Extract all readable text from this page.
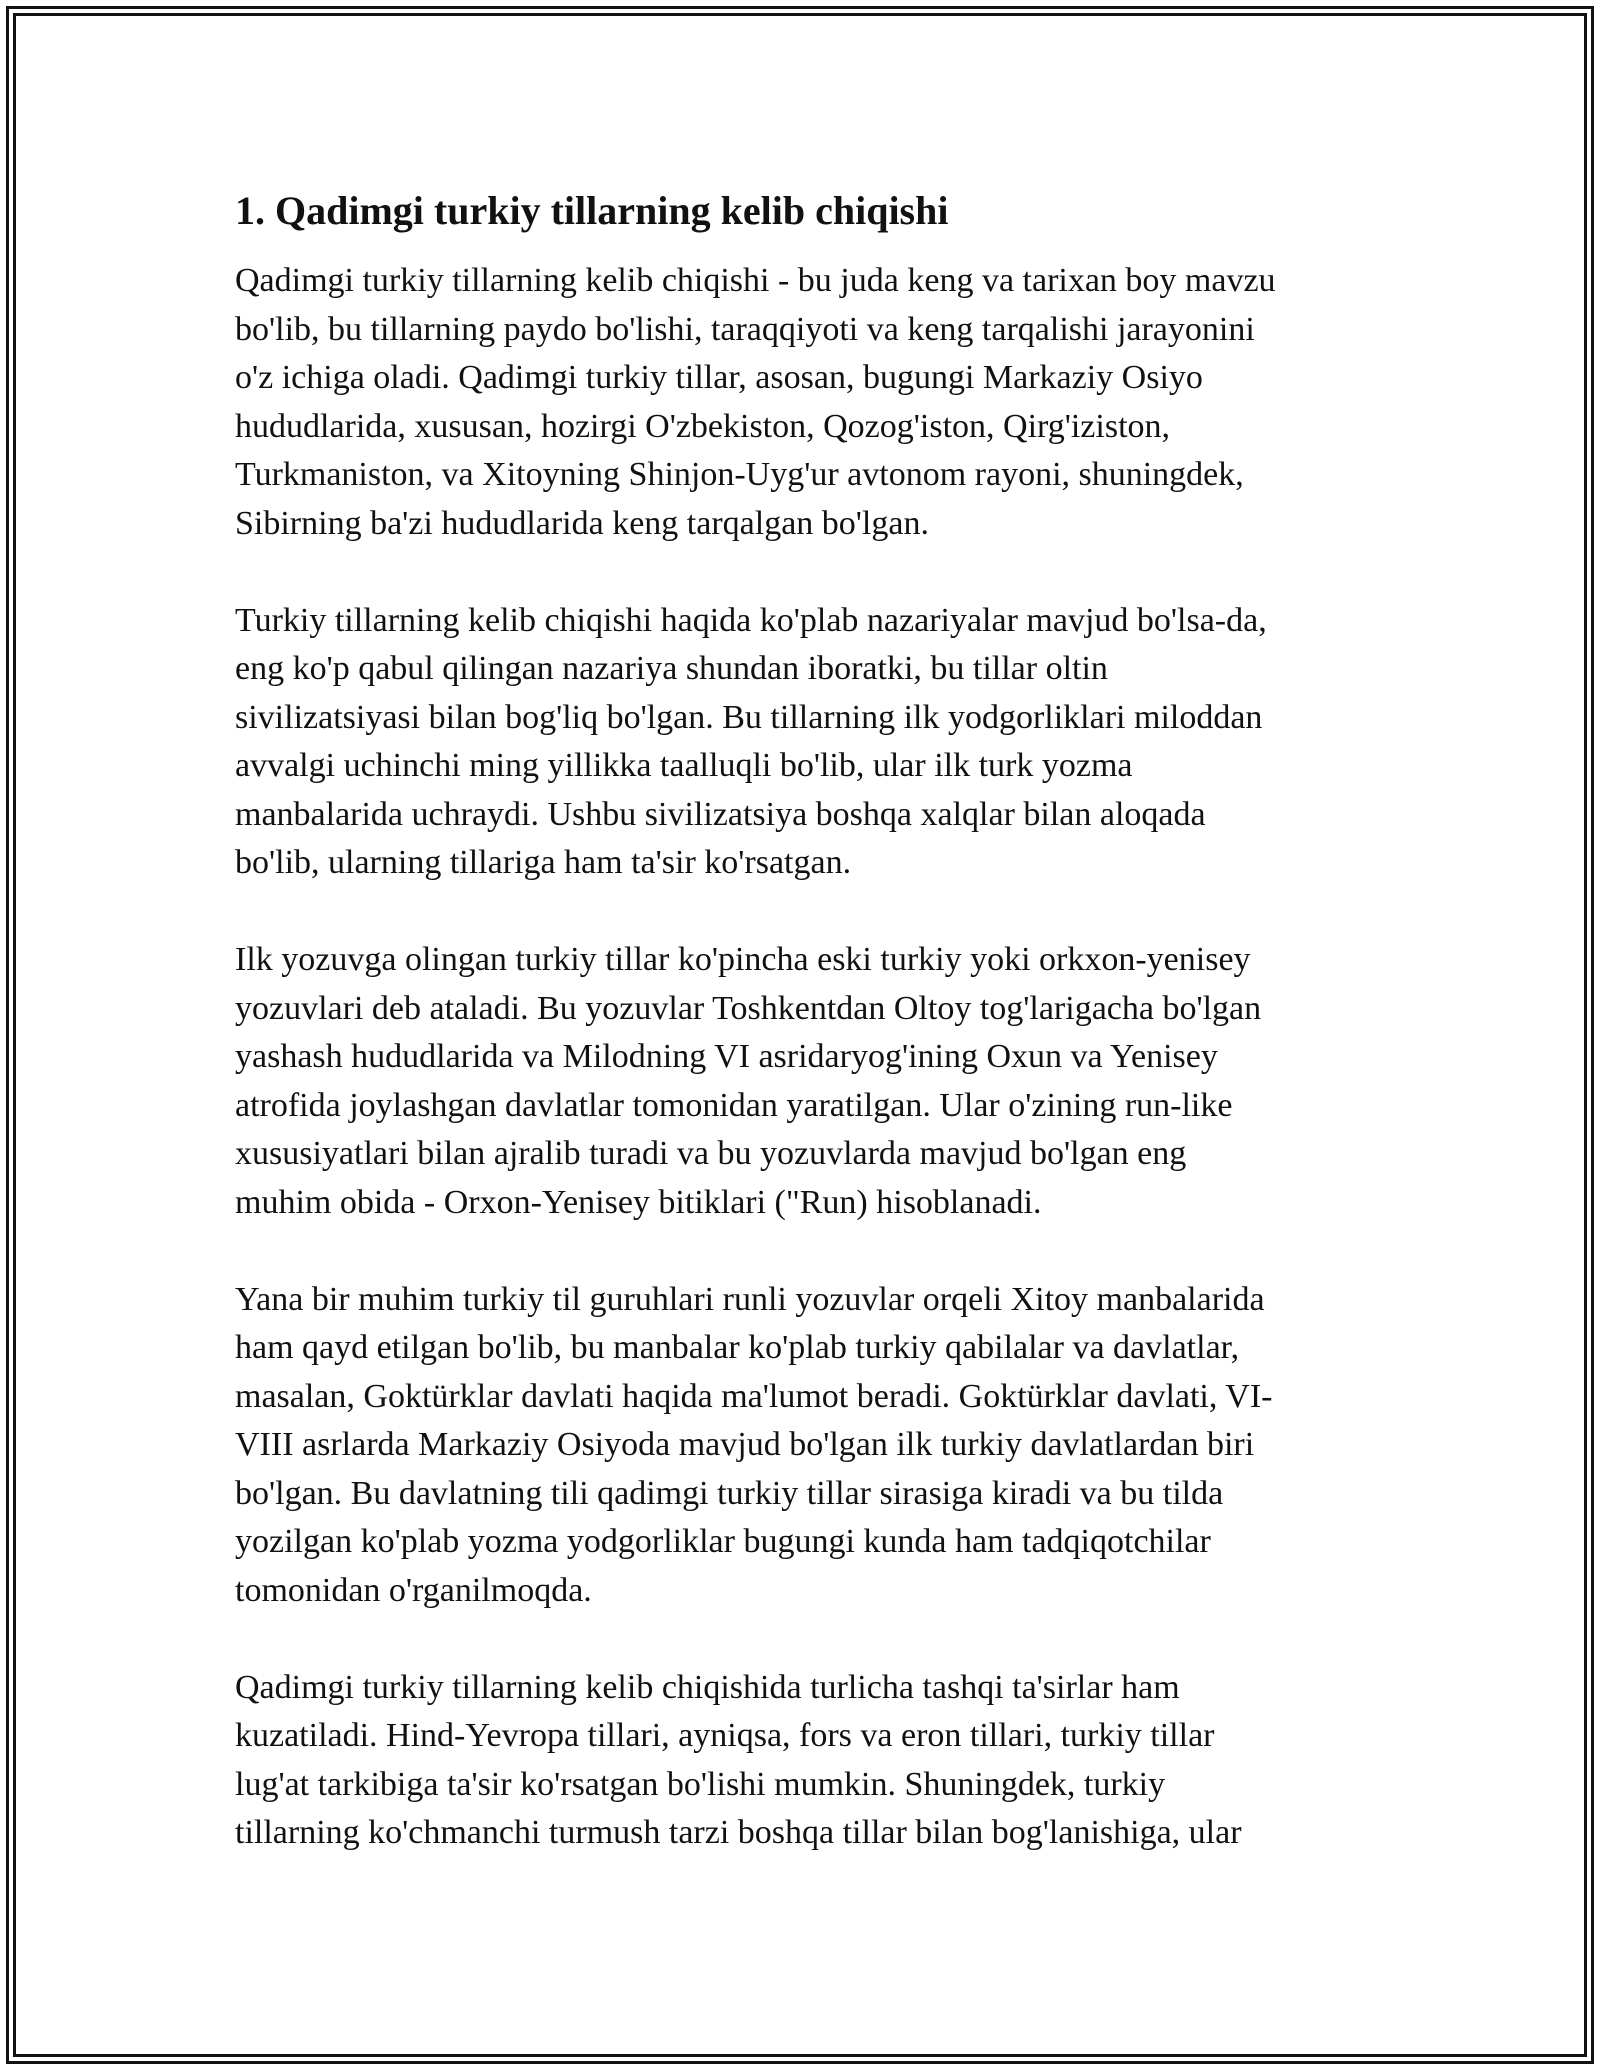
1. Qadimgi turkiy tillarning kelib chiqishi
Qadimgi turkiy tillarning kelib chiqishi - bu juda keng va tarixan boy mavzu
bo'lib, bu tillarning paydo bo'lishi, taraqqiyoti va keng tarqalishi jarayonini
o'z ichiga oladi. Qadimgi turkiy tillar, asosan, bugungi Markaziy Osiyo
hududlarida, xususan, hozirgi O'zbekiston, Qozog'iston, Qirg'iziston,
Turkmaniston, va Xitoyning Shinjon-Uyg'ur avtonom rayoni, shuningdek,
Sibirning ba'zi hududlarida keng tarqalgan bo'lgan.
Turkiy tillarning kelib chiqishi haqida ko'plab nazariyalar mavjud bo'lsa-da,
eng ko'p qabul qilingan nazariya shundan iboratki, bu tillar oltin
sivilizatsiyasi bilan bog'liq bo'lgan. Bu tillarning ilk yodgorliklari miloddan
avvalgi uchinchi ming yillikka taalluqli bo'lib, ular ilk turk yozma
manbalarida uchraydi. Ushbu sivilizatsiya boshqa xalqlar bilan aloqada
bo'lib, ularning tillariga ham ta'sir ko'rsatgan.
Ilk yozuvga olingan turkiy tillar ko'pincha eski turkiy yoki orkxon-yenisey
yozuvlari deb ataladi. Bu yozuvlar Toshkentdan Oltoy tog'larigacha bo'lgan
yashash hududlarida va Milodning VI asridaryog'ining Oxun va Yenisey
atrofida joylashgan davlatlar tomonidan yaratilgan. Ular o'zining run-like
xususiyatlari bilan ajralib turadi va bu yozuvlarda mavjud bo'lgan eng
muhim obida - Orxon-Yenisey bitiklari ("Run) hisoblanadi.
Yana bir muhim turkiy til guruhlari runli yozuvlar orqeli Xitoy manbalarida
ham qayd etilgan bo'lib, bu manbalar ko'plab turkiy qabilalar va davlatlar,
masalan, Goktürklar davlati haqida ma'lumot beradi. Goktürklar davlati, VI-
VIII asrlarda Markaziy Osiyoda mavjud bo'lgan ilk turkiy davlatlardan biri
bo'lgan. Bu davlatning tili qadimgi turkiy tillar sirasiga kiradi va bu tilda
yozilgan ko'plab yozma yodgorliklar bugungi kunda ham tadqiqotchilar
tomonidan o'rganilmoqda.
Qadimgi turkiy tillarning kelib chiqishida turlicha tashqi ta'sirlar ham
kuzatiladi. Hind-Yevropa tillari, ayniqsa, fors va eron tillari, turkiy tillar
lug'at tarkibiga ta'sir ko'rsatgan bo'lishi mumkin. Shuningdek, turkiy
tillarning ko'chmanchi turmush tarzi boshqa tillar bilan bog'lanishiga, ular
